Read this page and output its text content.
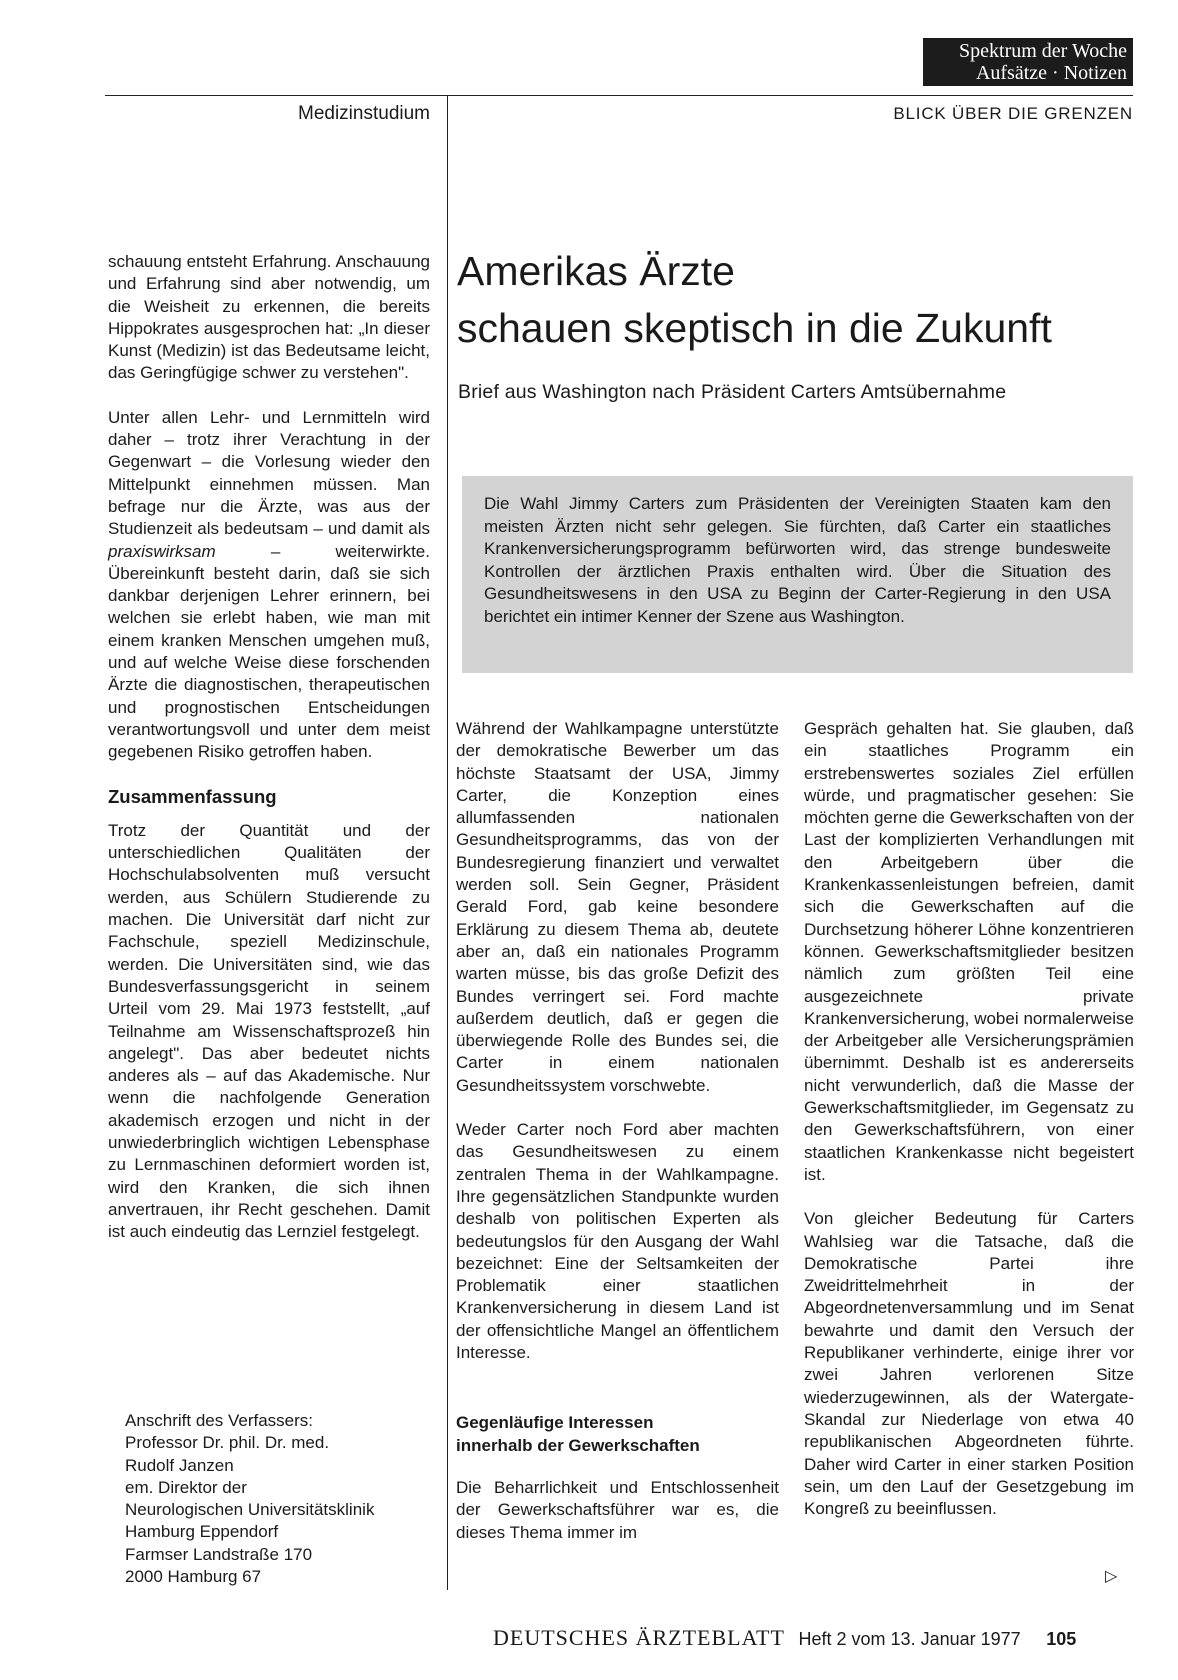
Spektrum der Woche
Aufsätze · Notizen
Medizinstudium	BLICK ÜBER DIE GRENZEN

schauung entsteht Erfahrung. Anschauung und Erfahrung sind aber notwendig, um die Weisheit zu erkennen, die bereits Hippokrates ausgesprochen hat: „In dieser Kunst (Medizin) ist das Bedeutsame leicht, das Geringfügige schwer zu verstehen".

Unter allen Lehr- und Lernmitteln wird daher – trotz ihrer Verachtung in der Gegenwart – die Vorlesung wieder den Mittelpunkt einnehmen müssen. Man befrage nur die Ärzte, was aus der Studienzeit als bedeutsam – und damit als praxiswirksam – weiterwirkte. Übereinkunft besteht darin, daß sie sich dankbar derjenigen Lehrer erinnern, bei welchen sie erlebt haben, wie man mit einem kranken Menschen umgehen muß, und auf welche Weise diese forschenden Ärzte die diagnostischen, therapeutischen und prognostischen Entscheidungen verantwortungsvoll und unter dem meist gegebenen Risiko getroffen haben.

Zusammenfassung

Trotz der Quantität und der unterschiedlichen Qualitäten der Hochschulabsolventen muß versucht werden, aus Schülern Studierende zu machen. Die Universität darf nicht zur Fachschule, speziell Medizinschule, werden. Die Universitäten sind, wie das Bundesverfassungsgericht in seinem Urteil vom 29. Mai 1973 feststellt, „auf Teilnahme am Wissenschaftsprozeß hin angelegt". Das aber bedeutet nichts anderes als – auf das Akademische. Nur wenn die nachfolgende Generation akademisch erzogen und nicht in der unwiederbringlich wichtigen Lebensphase zu Lernmaschinen deformiert worden ist, wird den Kranken, die sich ihnen anvertrauen, ihr Recht geschehen. Damit ist auch eindeutig das Lernziel festgelegt.

Anschrift des Verfassers:
Professor Dr. phil. Dr. med.
Rudolf Janzen
em. Direktor der
Neurologischen Universitätsklinik
Hamburg Eppendorf
Farmser Landstraße 170
2000 Hamburg 67
Amerikas Ärzte
schauen skeptisch in die Zukunft
Brief aus Washington nach Präsident Carters Amtsübernahme

Die Wahl Jimmy Carters zum Präsidenten der Vereinigten Staaten kam den meisten Ärzten nicht sehr gelegen. Sie fürchten, daß Carter ein staatliches Krankenversicherungsprogramm befürworten wird, das strenge bundesweite Kontrollen der ärztlichen Praxis enthalten wird. Über die Situation des Gesundheitswesens in den USA zu Beginn der Carter-Regierung in den USA berichtet ein intimer Kenner der Szene aus Washington.

Während der Wahlkampagne unterstützte der demokratische Bewerber um das höchste Staatsamt der USA, Jimmy Carter, die Konzeption eines allumfassenden nationalen Gesundheitsprogramms, das von der Bundesregierung finanziert und verwaltet werden soll. Sein Gegner, Präsident Gerald Ford, gab keine besondere Erklärung zu diesem Thema ab, deutete aber an, daß ein nationales Programm warten müsse, bis das große Defizit des Bundes verringert sei. Ford machte außerdem deutlich, daß er gegen die überwiegende Rolle des Bundes sei, die Carter in einem nationalen Gesundheitssystem vorschwebte.

Weder Carter noch Ford aber machten das Gesundheitswesen zu einem zentralen Thema in der Wahlkampagne. Ihre gegensätzlichen Standpunkte wurden deshalb von politischen Experten als bedeutungslos für den Ausgang der Wahl bezeichnet: Eine der Seltsamkeiten der Problematik einer staatlichen Krankenversicherung in diesem Land ist der offensichtliche Mangel an öffentlichem Interesse.

Gegenläufige Interessen
innerhalb der Gewerkschaften

Die Beharrlichkeit und Entschlossenheit der Gewerkschaftsführer war es, die dieses Thema immer im

Gespräch gehalten hat. Sie glauben, daß ein staatliches Programm ein erstrebenswertes soziales Ziel erfüllen würde, und pragmatischer gesehen: Sie möchten gerne die Gewerkschaften von der Last der komplizierten Verhandlungen mit den Arbeitgebern über die Krankenkassenleistungen befreien, damit sich die Gewerkschaften auf die Durchsetzung höherer Löhne konzentrieren können. Gewerkschaftsmitglieder besitzen nämlich zum größten Teil eine ausgezeichnete private Krankenversicherung, wobei normalerweise der Arbeitgeber alle Versicherungsprämien übernimmt. Deshalb ist es andererseits nicht verwunderlich, daß die Masse der Gewerkschaftsmitglieder, im Gegensatz zu den Gewerkschaftsführern, von einer staatlichen Krankenkasse nicht begeistert ist.

Von gleicher Bedeutung für Carters Wahlsieg war die Tatsache, daß die Demokratische Partei ihre Zweidrittelmehrheit in der Abgeordnetenversammlung und im Senat bewahrte und damit den Versuch der Republikaner verhinderte, einige ihrer vor zwei Jahren verlorenen Sitze wiederzugewinnen, als der Watergate-Skandal zur Niederlage von etwa 40 republikanischen Abgeordneten führte. Daher wird Carter in einer starken Position sein, um den Lauf der Gesetzgebung im Kongreß zu beeinflussen.

▷
DEUTSCHES ÄRZTEBLATT Heft 2 vom 13. Januar 1977 105
